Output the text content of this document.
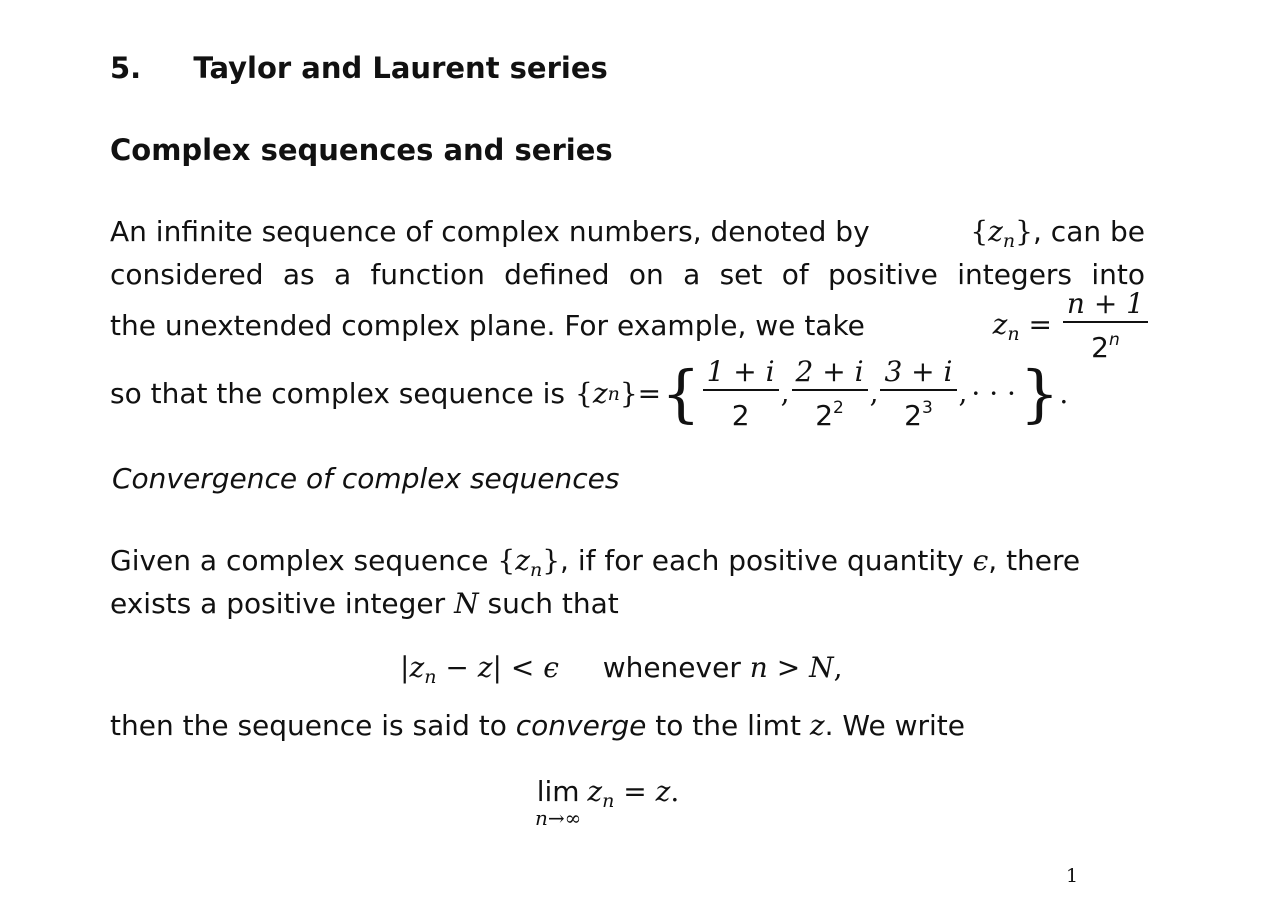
5. Taylor and Laurent series
Complex sequences and series
An infinite sequence of complex numbers, denoted by	$\{z_n\}$, can be
considered as a function defined on a set of positive integers into
the unextended complex plane. For example, we take	$z_n = \frac{n + 1}{2^n}$
so that the complex sequence is { z n } = { $\frac{1 + i}{2}$ , $\frac{2 + i}{2^2}$ , $\frac{3 + i}{2^3}$ , · · · } .
Convergence of complex sequences
Given a complex sequence $\{z_n\}$, if for each positive quantity ϵ, there
exists a positive integer N such that
$|z_n - z| < \epsilon$ whenever n > N,
then the sequence is said to converge to the limt z. We write
lim
n→∞
$z_n = z$.
1
